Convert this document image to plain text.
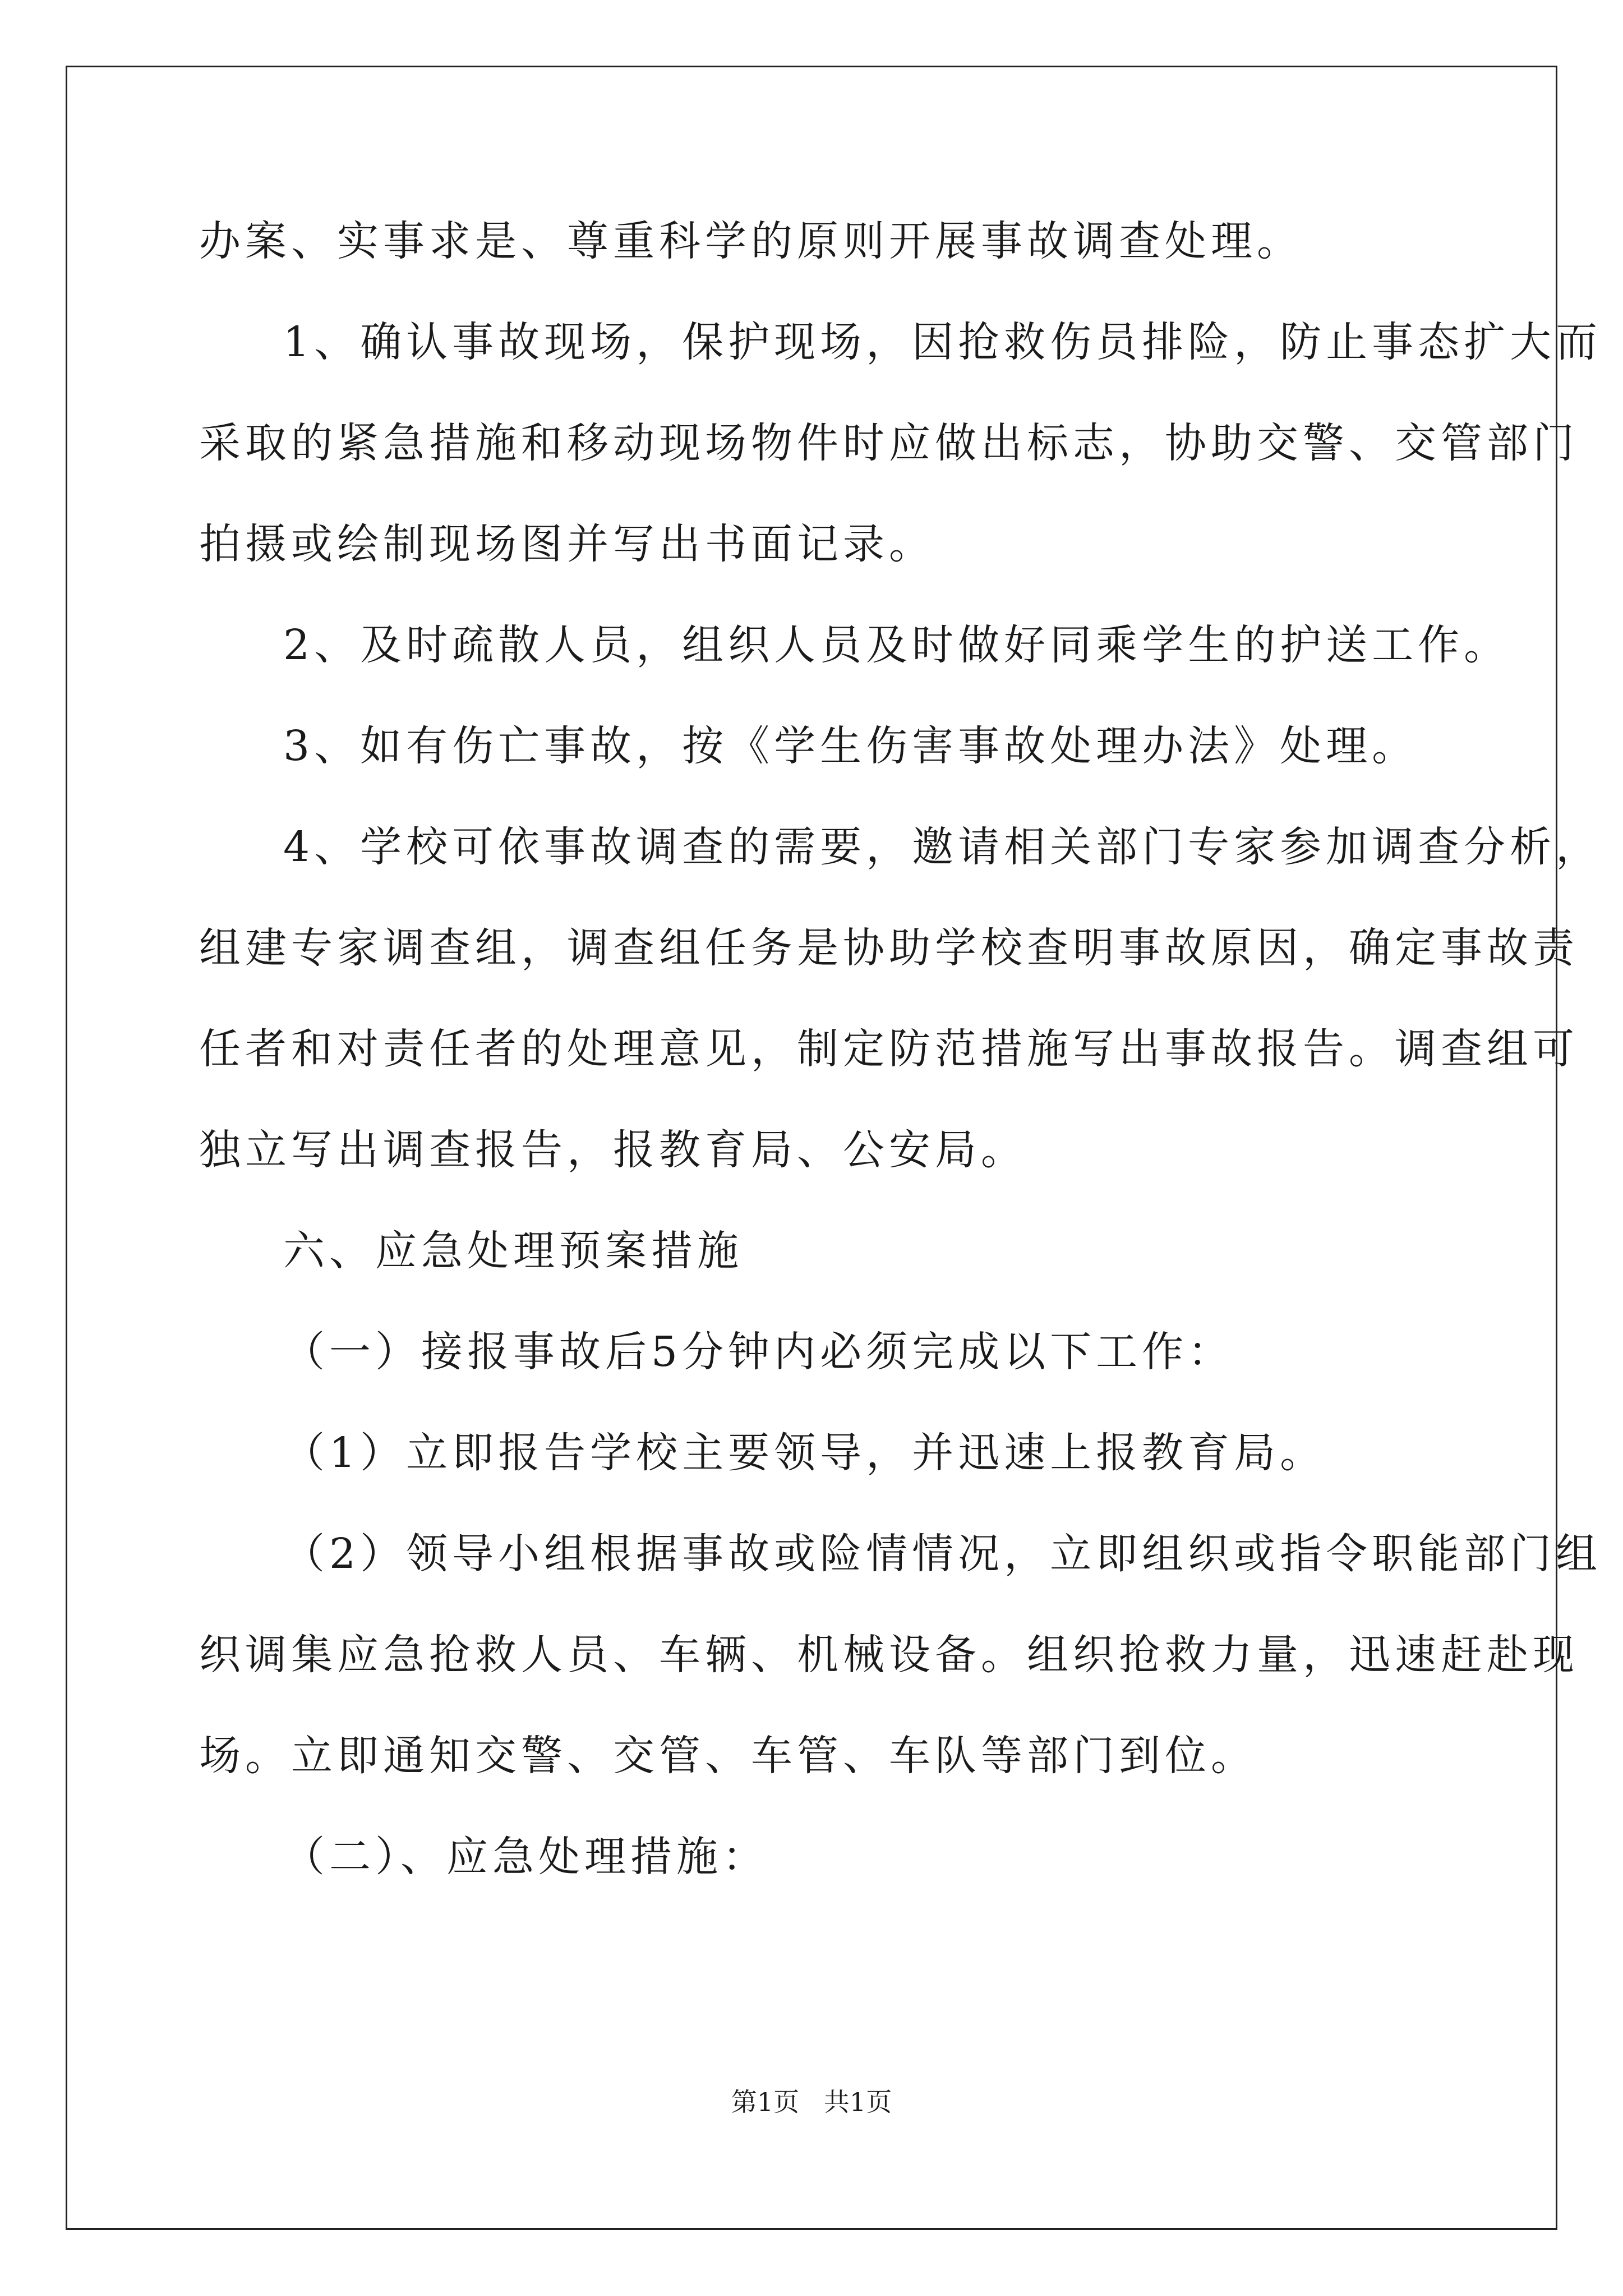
办案、实事求是、尊重科学的原则开展事故调查处理。
1、确认事故现场，保护现场，因抢救伤员排险，防止事态扩大而
采取的紧急措施和移动现场物件时应做出标志，协助交警、交管部门
拍摄或绘制现场图并写出书面记录。
2、及时疏散人员，组织人员及时做好同乘学生的护送工作。
3、如有伤亡事故，按《学生伤害事故处理办法》处理。
4、学校可依事故调查的需要，邀请相关部门专家参加调查分析，
组建专家调查组，调查组任务是协助学校查明事故原因，确定事故责
任者和对责任者的处理意见，制定防范措施写出事故报告。调查组可
独立写出调查报告，报教育局、公安局。
六、应急处理预案措施
（一）接报事故后5分钟内必须完成以下工作：
（1）立即报告学校主要领导，并迅速上报教育局。
（2）领导小组根据事故或险情情况，立即组织或指令职能部门组
织调集应急抢救人员、车辆、机械设备。组织抢救力量，迅速赶赴现
场。立即通知交警、交管、车管、车队等部门到位。
（二）、应急处理措施：
第1页   共1页
